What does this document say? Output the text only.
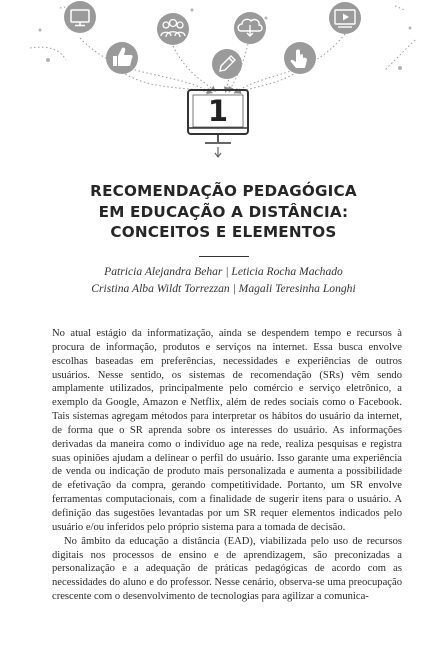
1
RECOMENDAÇÃO PEDAGÓGICA
EM EDUCAÇÃO A DISTÂNCIA:
CONCEITOS E ELEMENTOS
Patricia Alejandra Behar | Leticia Rocha Machado
Cristina Alba Wildt Torrezzan | Magali Teresinha Longhi

No atual estágio da informatização, ainda se despendem tempo e recursos à procura de informação, produtos e serviços na internet. Essa busca envolve escolhas baseadas em preferências, necessidades e experiências de outros usuários. Nesse sentido, os sistemas de recomendação (SRs) vêm sendo amplamente utilizados, principalmente pelo comércio e serviço eletrônico, a exemplo da Google, Amazon e Netflix, além de redes sociais como o Facebook. Tais sistemas agregam métodos para interpretar os hábitos do usuário da internet, de forma que o SR aprenda sobre os interesses do usuário. As informações derivadas da maneira como o indivíduo age na rede, realiza pesquisas e registra suas opiniões ajudam a delinear o perfil do usuário. Isso garante uma experiência de venda ou indicação de produto mais personalizada e aumenta a possibilidade de efetivação da compra, gerando competitividade. Portanto, um SR envolve ferramentas computacionais, com a finalidade de sugerir itens para o usuário. A definição das sugestões levantadas por um SR requer elementos indicados pelo usuário e/ou inferidos pelo próprio sistema para a tomada de decisão.

No âmbito da educação a distância (EAD), viabilizada pelo uso de recursos digitais nos processos de ensino e de aprendizagem, são preconizadas a personalização e a adequação de práticas pedagógicas de acordo com as necessidades do aluno e do professor. Nesse cenário, observa-se uma preocupação crescente com o desenvolvimento de tecnologias para agilizar a comunica-
